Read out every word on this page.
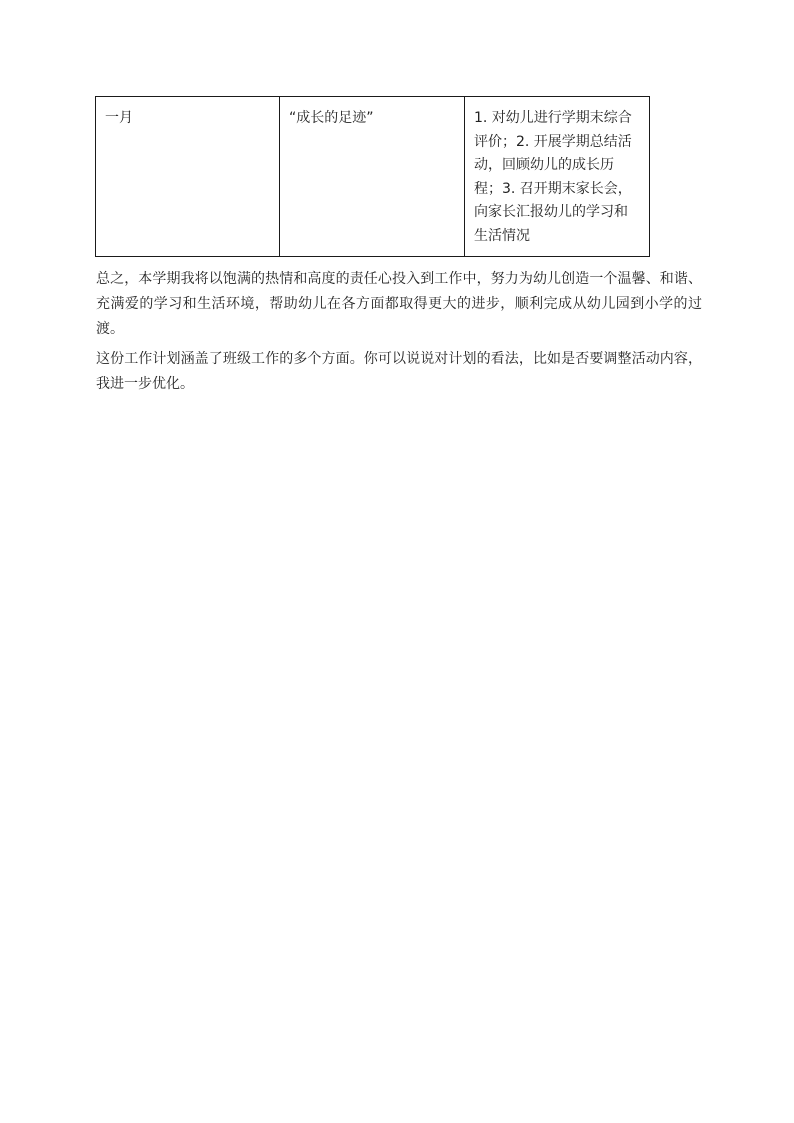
一月	“成长的足迹”	1. 对幼儿进行学期末综合评价；2. 开展学期总结活动，回顾幼儿的成长历程；3. 召开期末家长会，向家长汇报幼儿的学习和生活情况

总之，本学期我将以饱满的热情和高度的责任心投入到工作中，努力为幼儿创造一个温馨、和谐、充满爱的学习和生活环境，帮助幼儿在各方面都取得更大的进步，顺利完成从幼儿园到小学的过渡。

这份工作计划涵盖了班级工作的多个方面。你可以说说对计划的看法，比如是否要调整活动内容，我进一步优化。
